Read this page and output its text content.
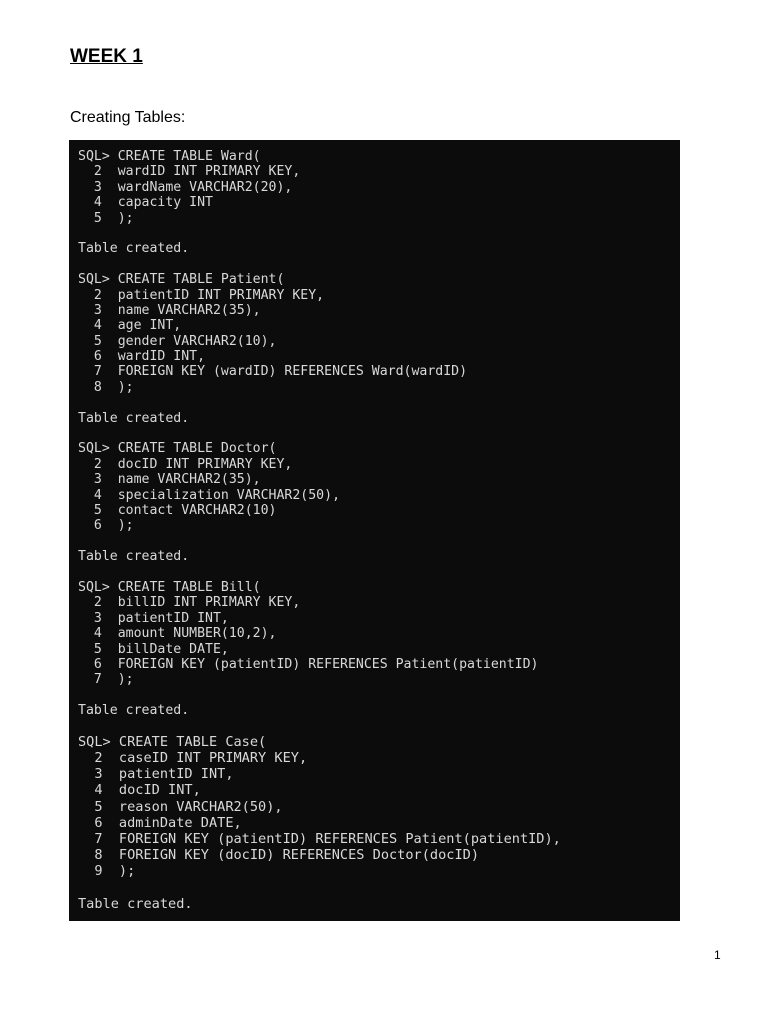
WEEK 1

Creating Tables:

SQL> CREATE TABLE Ward(
2  wardID INT PRIMARY KEY,
3  wardName VARCHAR2(20),
4  capacity INT
5  );
Table created.
SQL> CREATE TABLE Patient(
2  patientID INT PRIMARY KEY,
3  name VARCHAR2(35),
4  age INT,
5  gender VARCHAR2(10),
6  wardID INT,
7  FOREIGN KEY (wardID) REFERENCES Ward(wardID)
8  );
Table created.
SQL> CREATE TABLE Doctor(
2  docID INT PRIMARY KEY,
3  name VARCHAR2(35),
4  specialization VARCHAR2(50),
5  contact VARCHAR2(10)
6  );
Table created.
SQL> CREATE TABLE Bill(
2  billID INT PRIMARY KEY,
3  patientID INT,
4  amount NUMBER(10,2),
5  billDate DATE,
6  FOREIGN KEY (patientID) REFERENCES Patient(patientID)
7  );
Table created.
SQL> CREATE TABLE Case(
2  caseID INT PRIMARY KEY,
3  patientID INT,
4  docID INT,
5  reason VARCHAR2(50),
6  adminDate DATE,
7  FOREIGN KEY (patientID) REFERENCES Patient(patientID),
8  FOREIGN KEY (docID) REFERENCES Doctor(docID)
9  );
Table created.
1
